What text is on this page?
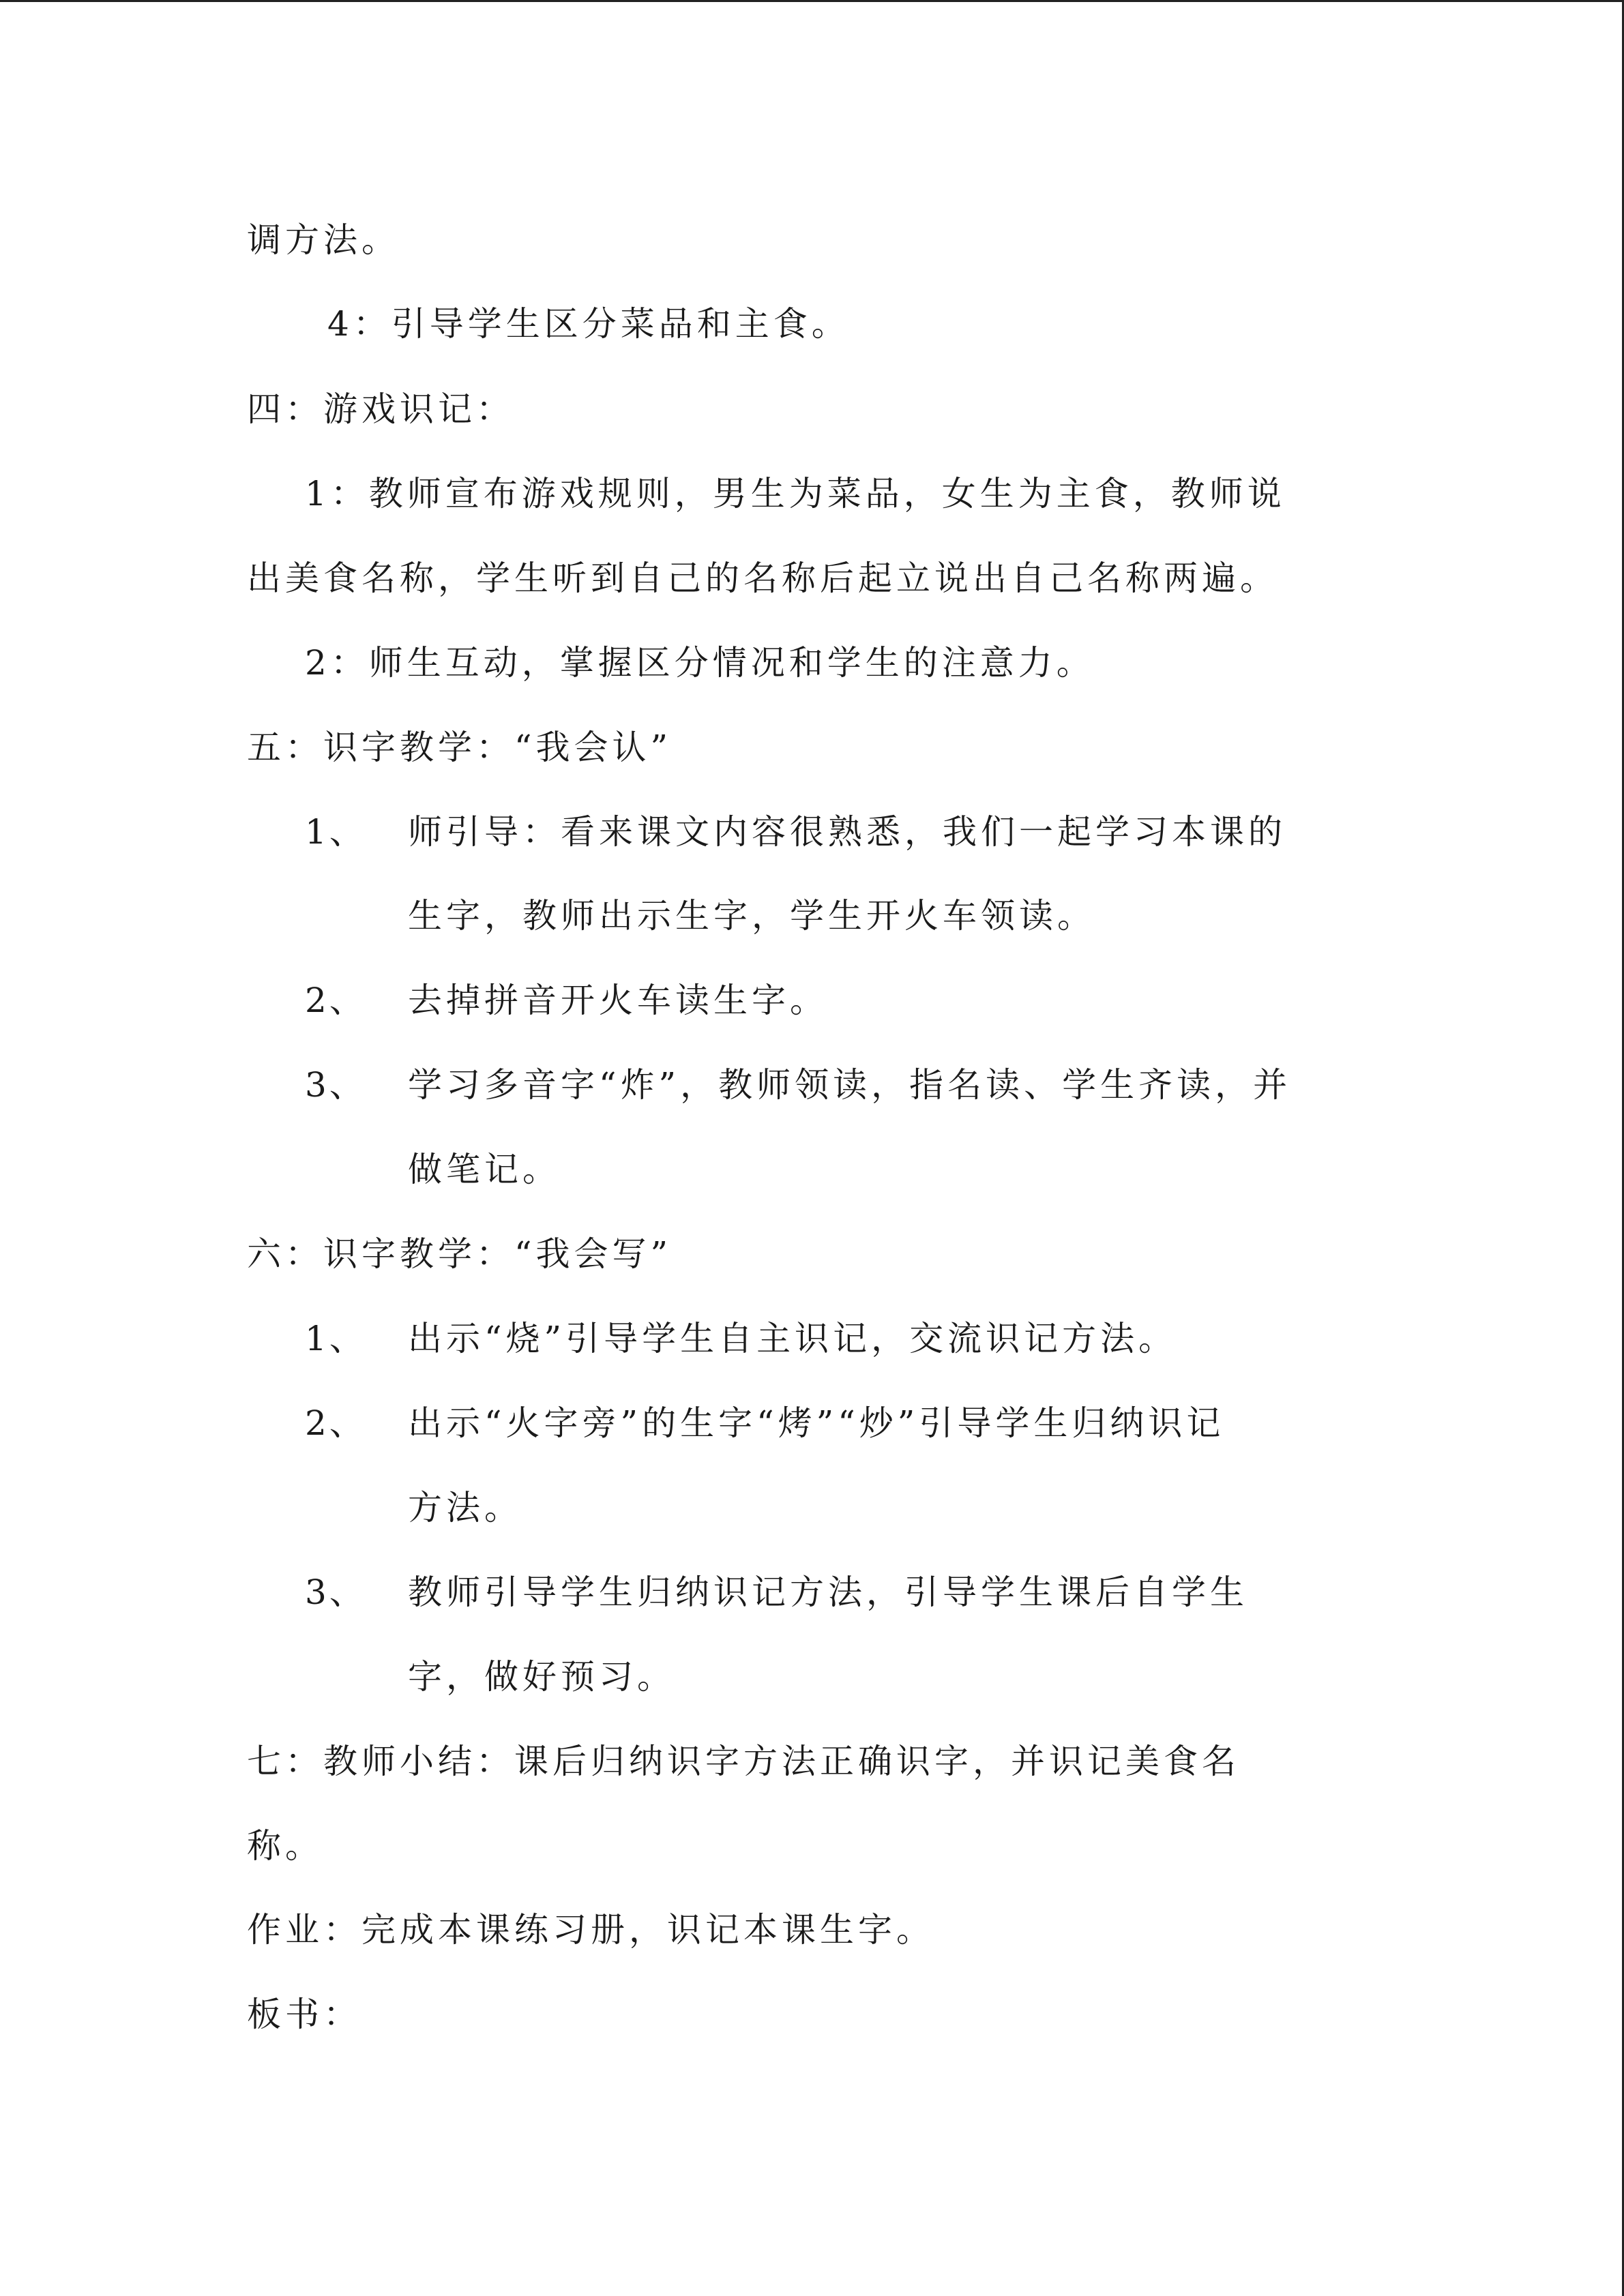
调方法。
4：引导学生区分菜品和主食。
四：游戏识记：
1：教师宣布游戏规则，男生为菜品，女生为主食，教师说
出美食名称，学生听到自己的名称后起立说出自己名称两遍。
2：师生互动，掌握区分情况和学生的注意力。
五：识字教学：“我会认”
1、 师引导：看来课文内容很熟悉，我们一起学习本课的
生字，教师出示生字，学生开火车领读。
2、 去掉拼音开火车读生字。
3、 学习多音字“炸”，教师领读，指名读、学生齐读，并
做笔记。
六：识字教学：“我会写”
1、 出示“烧”引导学生自主识记，交流识记方法。
2、 出示“火字旁”的生字“烤”“炒”引导学生归纳识记
方法。
3、 教师引导学生归纳识记方法，引导学生课后自学生
字，做好预习。
七：教师小结：课后归纳识字方法正确识字，并识记美食名
称。
作业：完成本课练习册，识记本课生字。
板书：
